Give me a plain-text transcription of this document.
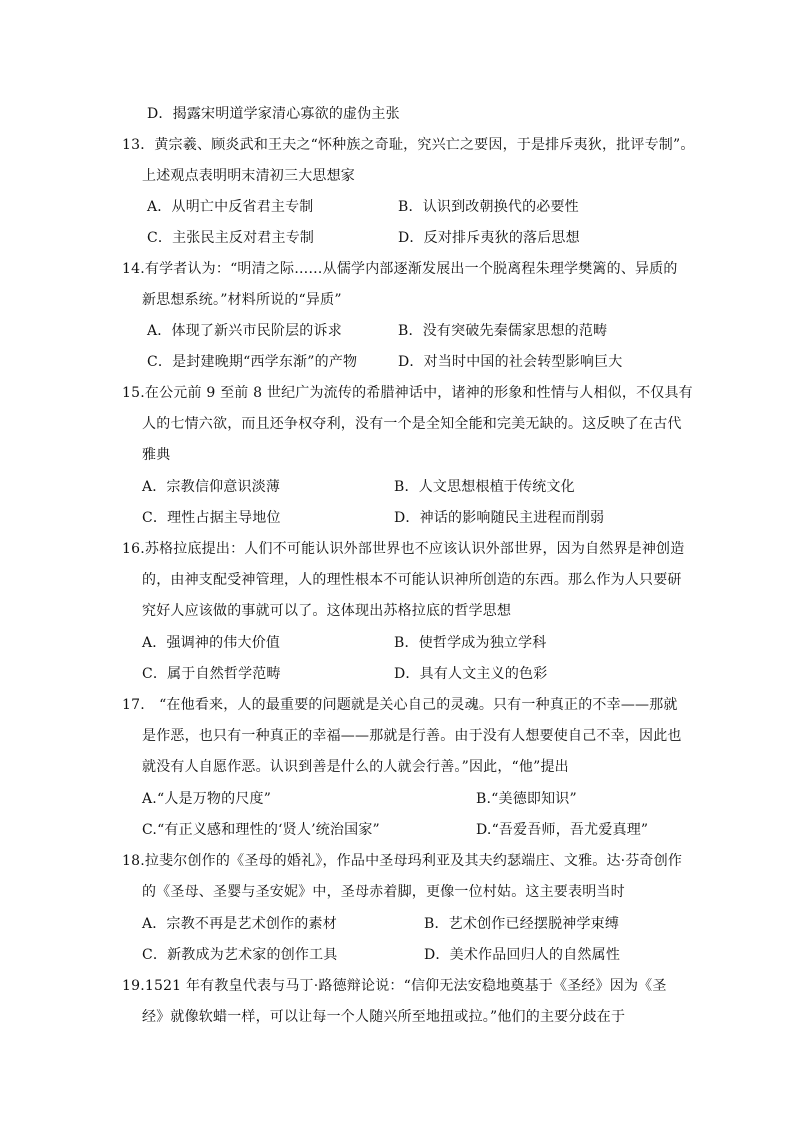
D．揭露宋明道学家清心寡欲的虚伪主张
13．黄宗羲、顾炎武和王夫之“怀种族之奇耻，究兴亡之要因，于是排斥夷狄，批评专制”。
上述观点表明明末清初三大思想家
A．从明亡中反省君主专制	B．认识到改朝换代的必要性
C．主张民主反对君主专制	D．反对排斥夷狄的落后思想
14.有学者认为：“明清之际……从儒学内部逐渐发展出一个脱离程朱理学樊篱的、异质的
新思想系统。”材料所说的“异质”
A．体现了新兴市民阶层的诉求	B．没有突破先秦儒家思想的范畴
C．是封建晚期“西学东渐”的产物	D．对当时中国的社会转型影响巨大
15.在公元前 9 至前 8 世纪广为流传的希腊神话中，诸神的形象和性情与人相似，不仅具有
人的七情六欲，而且还争权夺利，没有一个是全知全能和完美无缺的。这反映了在古代
雅典
A．宗教信仰意识淡薄	B．人文思想根植于传统文化
C．理性占据主导地位	D．神话的影响随民主进程而削弱
16.苏格拉底提出：人们不可能认识外部世界也不应该认识外部世界，因为自然界是神创造
的，由神支配受神管理，人的理性根本不可能认识神所创造的东西。那么作为人只要研
究好人应该做的事就可以了。这体现出苏格拉底的哲学思想
A．强调神的伟大价值	B．使哲学成为独立学科
C．属于自然哲学范畴	D．具有人文主义的色彩
17.　“在他看来，人的最重要的问题就是关心自己的灵魂。只有一种真正的不幸——那就
是作恶，也只有一种真正的幸福——那就是行善。由于没有人想要使自己不幸，因此也
就没有人自愿作恶。认识到善是什么的人就会行善。”因此，“他”提出
A.“人是万物的尺度”	B.“美德即知识”
C.“有正义感和理性的‘贤人’统治国家”	D.“吾爱吾师，吾尤爱真理”
18.拉斐尔创作的《圣母的婚礼》，作品中圣母玛利亚及其夫约瑟端庄、文雅。达·芬奇创作
的《圣母、圣婴与圣安妮》中，圣母赤着脚，更像一位村姑。这主要表明当时
A．宗教不再是艺术创作的素材	B．艺术创作已经摆脱神学束缚
C．新教成为艺术家的创作工具	D．美术作品回归人的自然属性
19.1521 年有教皇代表与马丁·路德辩论说：“信仰无法安稳地奠基于《圣经》因为《圣
经》就像软蜡一样，可以让每一个人随兴所至地扭或拉。”他们的主要分歧在于
